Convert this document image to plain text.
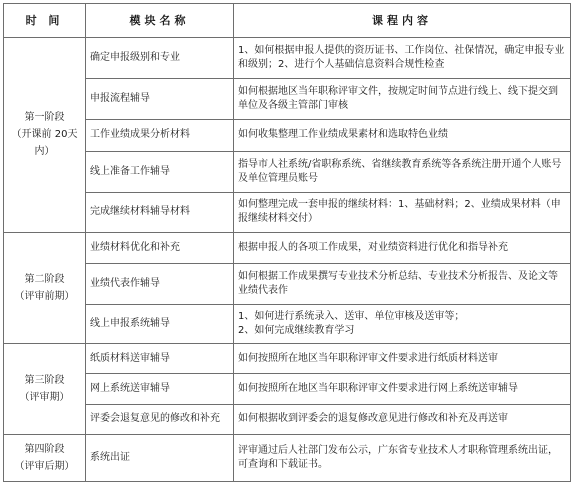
时 间	模块名称	课程内容

第一阶段
（开课前 20天内）	确定申报级别和专业	1、如何根据申报人提供的资历证书、工作岗位、社保情况，确定申报专业和级别；2、进行个人基础信息资料合规性检查
	申报流程辅导	如何根据地区当年职称评审文件，按规定时间节点进行线上、线下提交到单位及各级主管部门审核
	工作业绩成果分析材料	如何收集整理工作业绩成果素材和选取特色业绩
	线上准备工作辅导	指导市人社系统/省职称系统、省继续教育系统等各系统注册开通个人账号及单位管理员账号
	完成继续材料辅导材料	如何整理完成一套申报的继续材料：1、基础材料；2、业绩成果材料（申报继续材料交付）

第二阶段
（评审前期）	业绩材料优化和补充	根据申报人的各项工作成果，对业绩资料进行优化和指导补充
	业绩代表作辅导	如何根据工作成果撰写专业技术分析总结、专业技术分析报告、及论文等业绩代表作
	线上申报系统辅导	1、如何进行系统录入、送审、单位审核及送审等；
2、如何完成继续教育学习

第三阶段
（评审期）	纸质材料送审辅导	如何按照所在地区当年职称评审文件要求进行纸质材料送审
	网上系统送审辅导	如何按照所在地区当年职称评审文件要求进行网上系统送审辅导
	评委会退复意见的修改和补充	如何根据收到评委会的退复修改意见进行修改和补充及再送审

第四阶段
（评审后期）	系统出证	评审通过后人社部门发布公示，广东省专业技术人才职称管理系统出证，可查询和下载证书。
